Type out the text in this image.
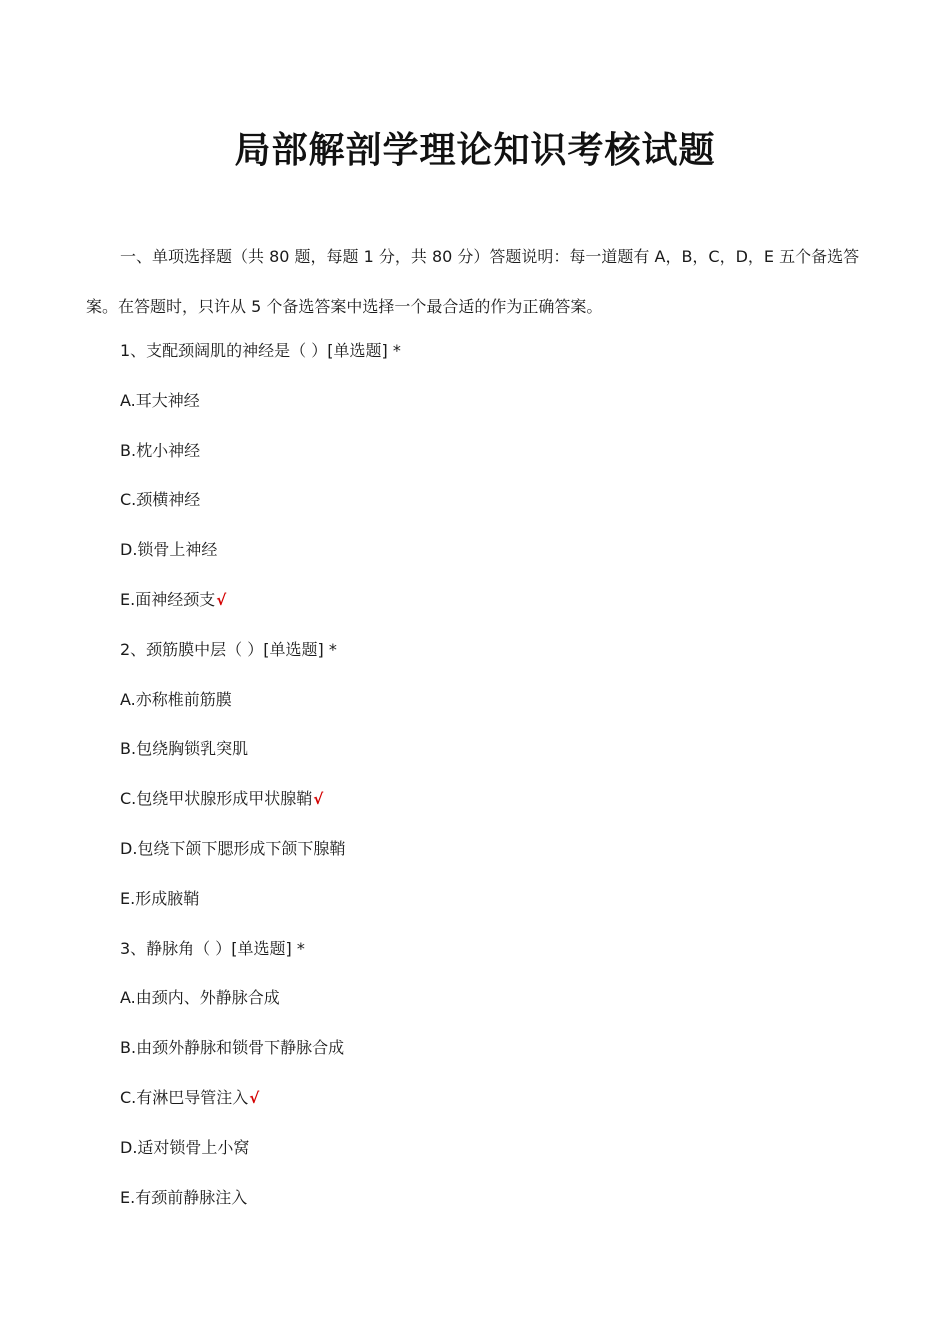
局部解剖学理论知识考核试题

一、单项选择题（共 80 题，每题 1 分，共 80 分）答题说明：每一道题有 A，B，C，D，E 五个备选答案。在答题时，只许从 5 个备选答案中选择一个最合适的作为正确答案。

1、支配颈阔肌的神经是（ ）[单选题] *
A.耳大神经
B.枕小神经
C.颈横神经
D.锁骨上神经
E.面神经颈支√
2、颈筋膜中层（ ）[单选题] *
A.亦称椎前筋膜
B.包绕胸锁乳突肌
C.包绕甲状腺形成甲状腺鞘√
D.包绕下颌下腮形成下颌下腺鞘
E.形成腋鞘
3、静脉角（ ）[单选题] *
A.由颈内、外静脉合成
B.由颈外静脉和锁骨下静脉合成
C.有淋巴导管注入√
D.适对锁骨上小窝
E.有颈前静脉注入
